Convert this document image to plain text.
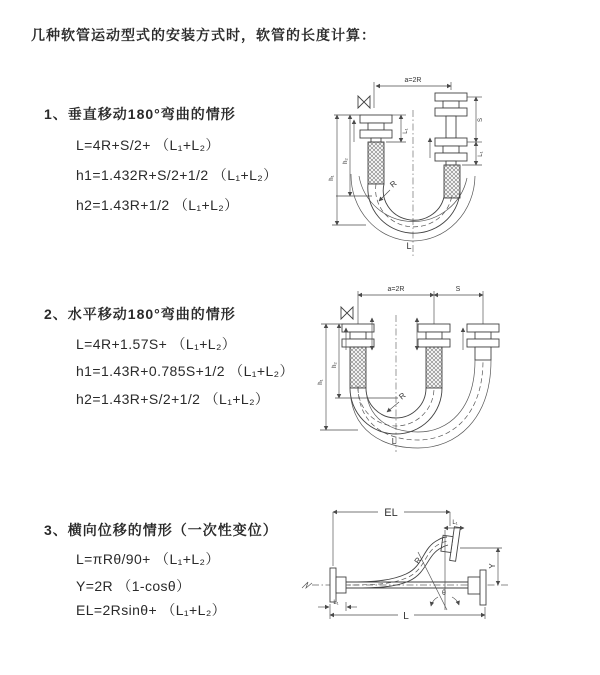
几种软管运动型式的安装方式时，软管的长度计算：
1、垂直移动180°弯曲的情形
L=4R+S/2+ （L₁+L₂）
h1=1.432R+S/2+1/2 （L₁+L₂）
h2=1.43R+1/2 （L₁+L₂）
a=2R
L₁
S
L₁
h₁
h₂
R
L
2、水平移动180°弯曲的情形
L=4R+1.57S+ （L₁+L₂）
h1=1.43R+0.785S+1/2 （L₁+L₂）
h2=1.43R+S/2+1/2 （L₁+L₂）
a=2R	S
h₁
h₂
R
L
3、横向位移的情形（一次性变位）
L=πRθ/90+ （L₁+L₂）
Y=2R （1-cosθ）
EL=2Rsinθ+ （L₁+L₂）
EL
L₁
Y
R
θ
L₁
L
